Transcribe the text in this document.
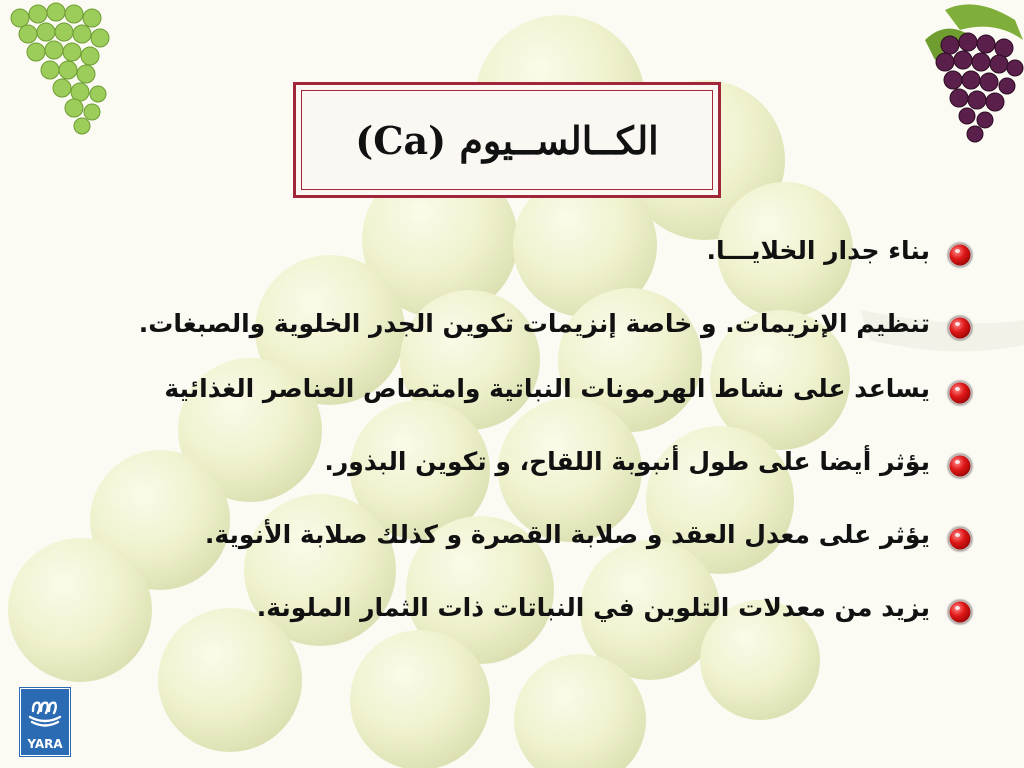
الكــالســيوم (Ca)
بناء جدار الخلايـــا.
تنظيم الإنزيمات. و خاصة إنزيمات تكوين الجدر الخلوية والصبغات.
يساعد على نشاط الهرمونات النباتية وامتصاص العناصر الغذائية
يؤثر أيضا على طول أنبوبة اللقاح، و تكوين البذور.
يؤثر على معدل العقد و صلابة القصرة و كذلك صلابة الأنوية.
يزيد من معدلات التلوين في النباتات ذات الثمار الملونة.
YARA
